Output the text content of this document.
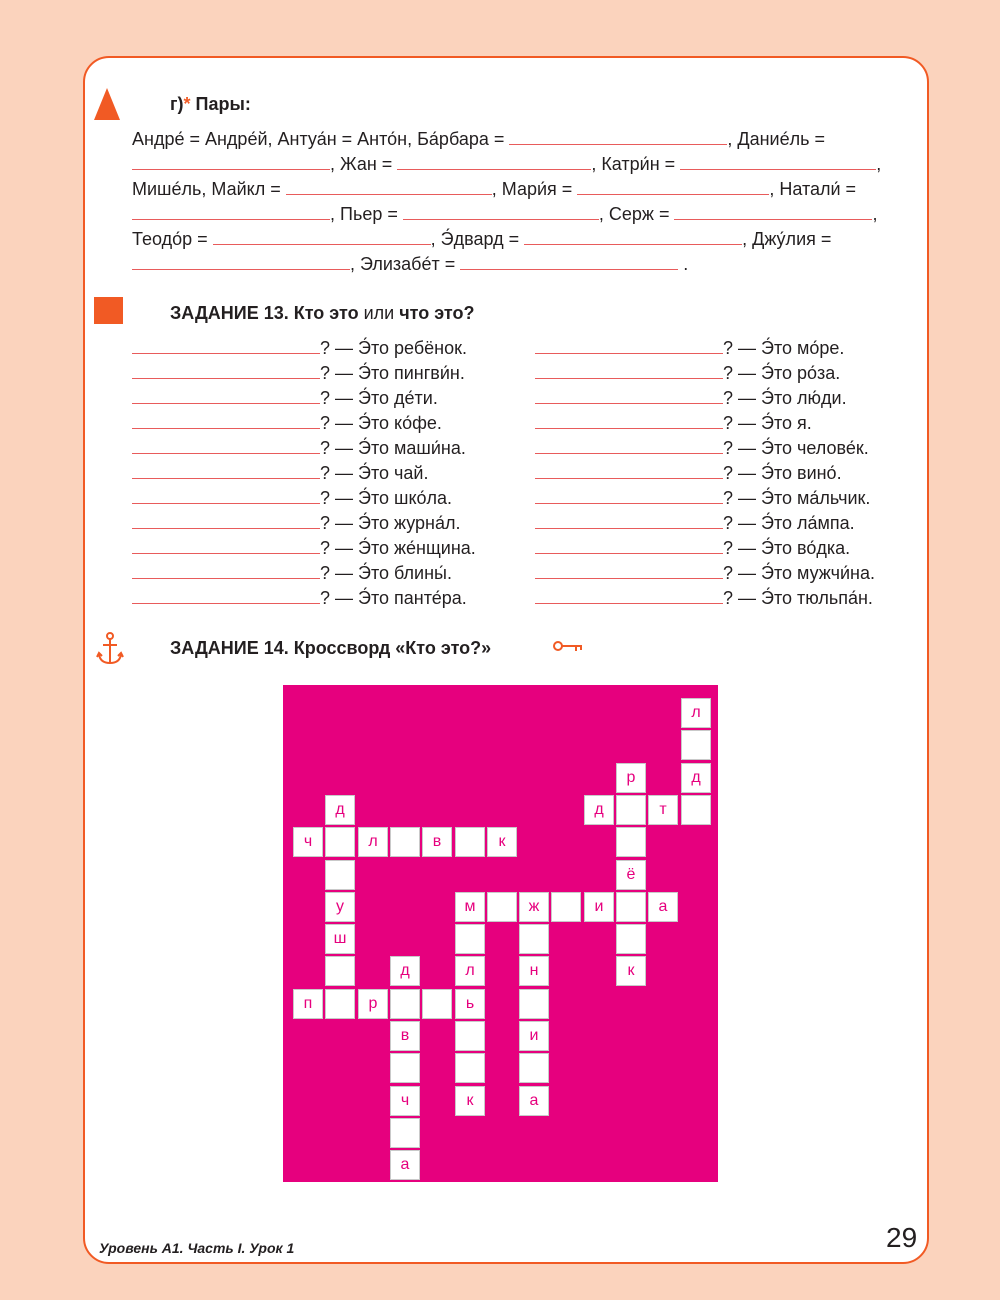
г)* Пары:
Андре́ = Андре́й, Антуа́н = Анто́н, Ба́рбара =	, Даниéль =
, Жан =	, Катри́н =	,
Мишéль, Майкл =	, Мари́я =	, Натали́ =
, Пьер =	, Серж =	,
Теодо́р =	, Э́двард =	, Джу́лия =
, Элизабéт =	.
ЗАДАНИЕ 13. Кто это или что это?
? — Э́то ребёнок.
? — Э́то пингви́н.
? — Э́то де́ти.
? — Э́то ко́фе.
? — Э́то маши́на.
? — Э́то чай.
? — Э́то шко́ла.
? — Э́то журна́л.
? — Э́то же́нщина.
? — Э́то блины́.
? — Э́то панте́ра.
? — Э́то мо́ре.
? — Э́то ро́за.
? — Э́то лю́ди.
? — Э́то я.
? — Э́то челове́к.
? — Э́то вино́.
? — Э́то ма́льчик.
? — Э́то ла́мпа.
? — Э́то во́дка.
? — Э́то мужчи́на.
? — Э́то тюльпа́н.
ЗАДАНИЕ 14. Кроссворд «Кто это?»
л
д
р
д	т
д
ч	л	в	к
ё
у	м	ж	и	а
ш
д	л	н	к
п	р	ь
в	и
ч	к	а
а
Уровень А1. Часть I. Урок 1	29
